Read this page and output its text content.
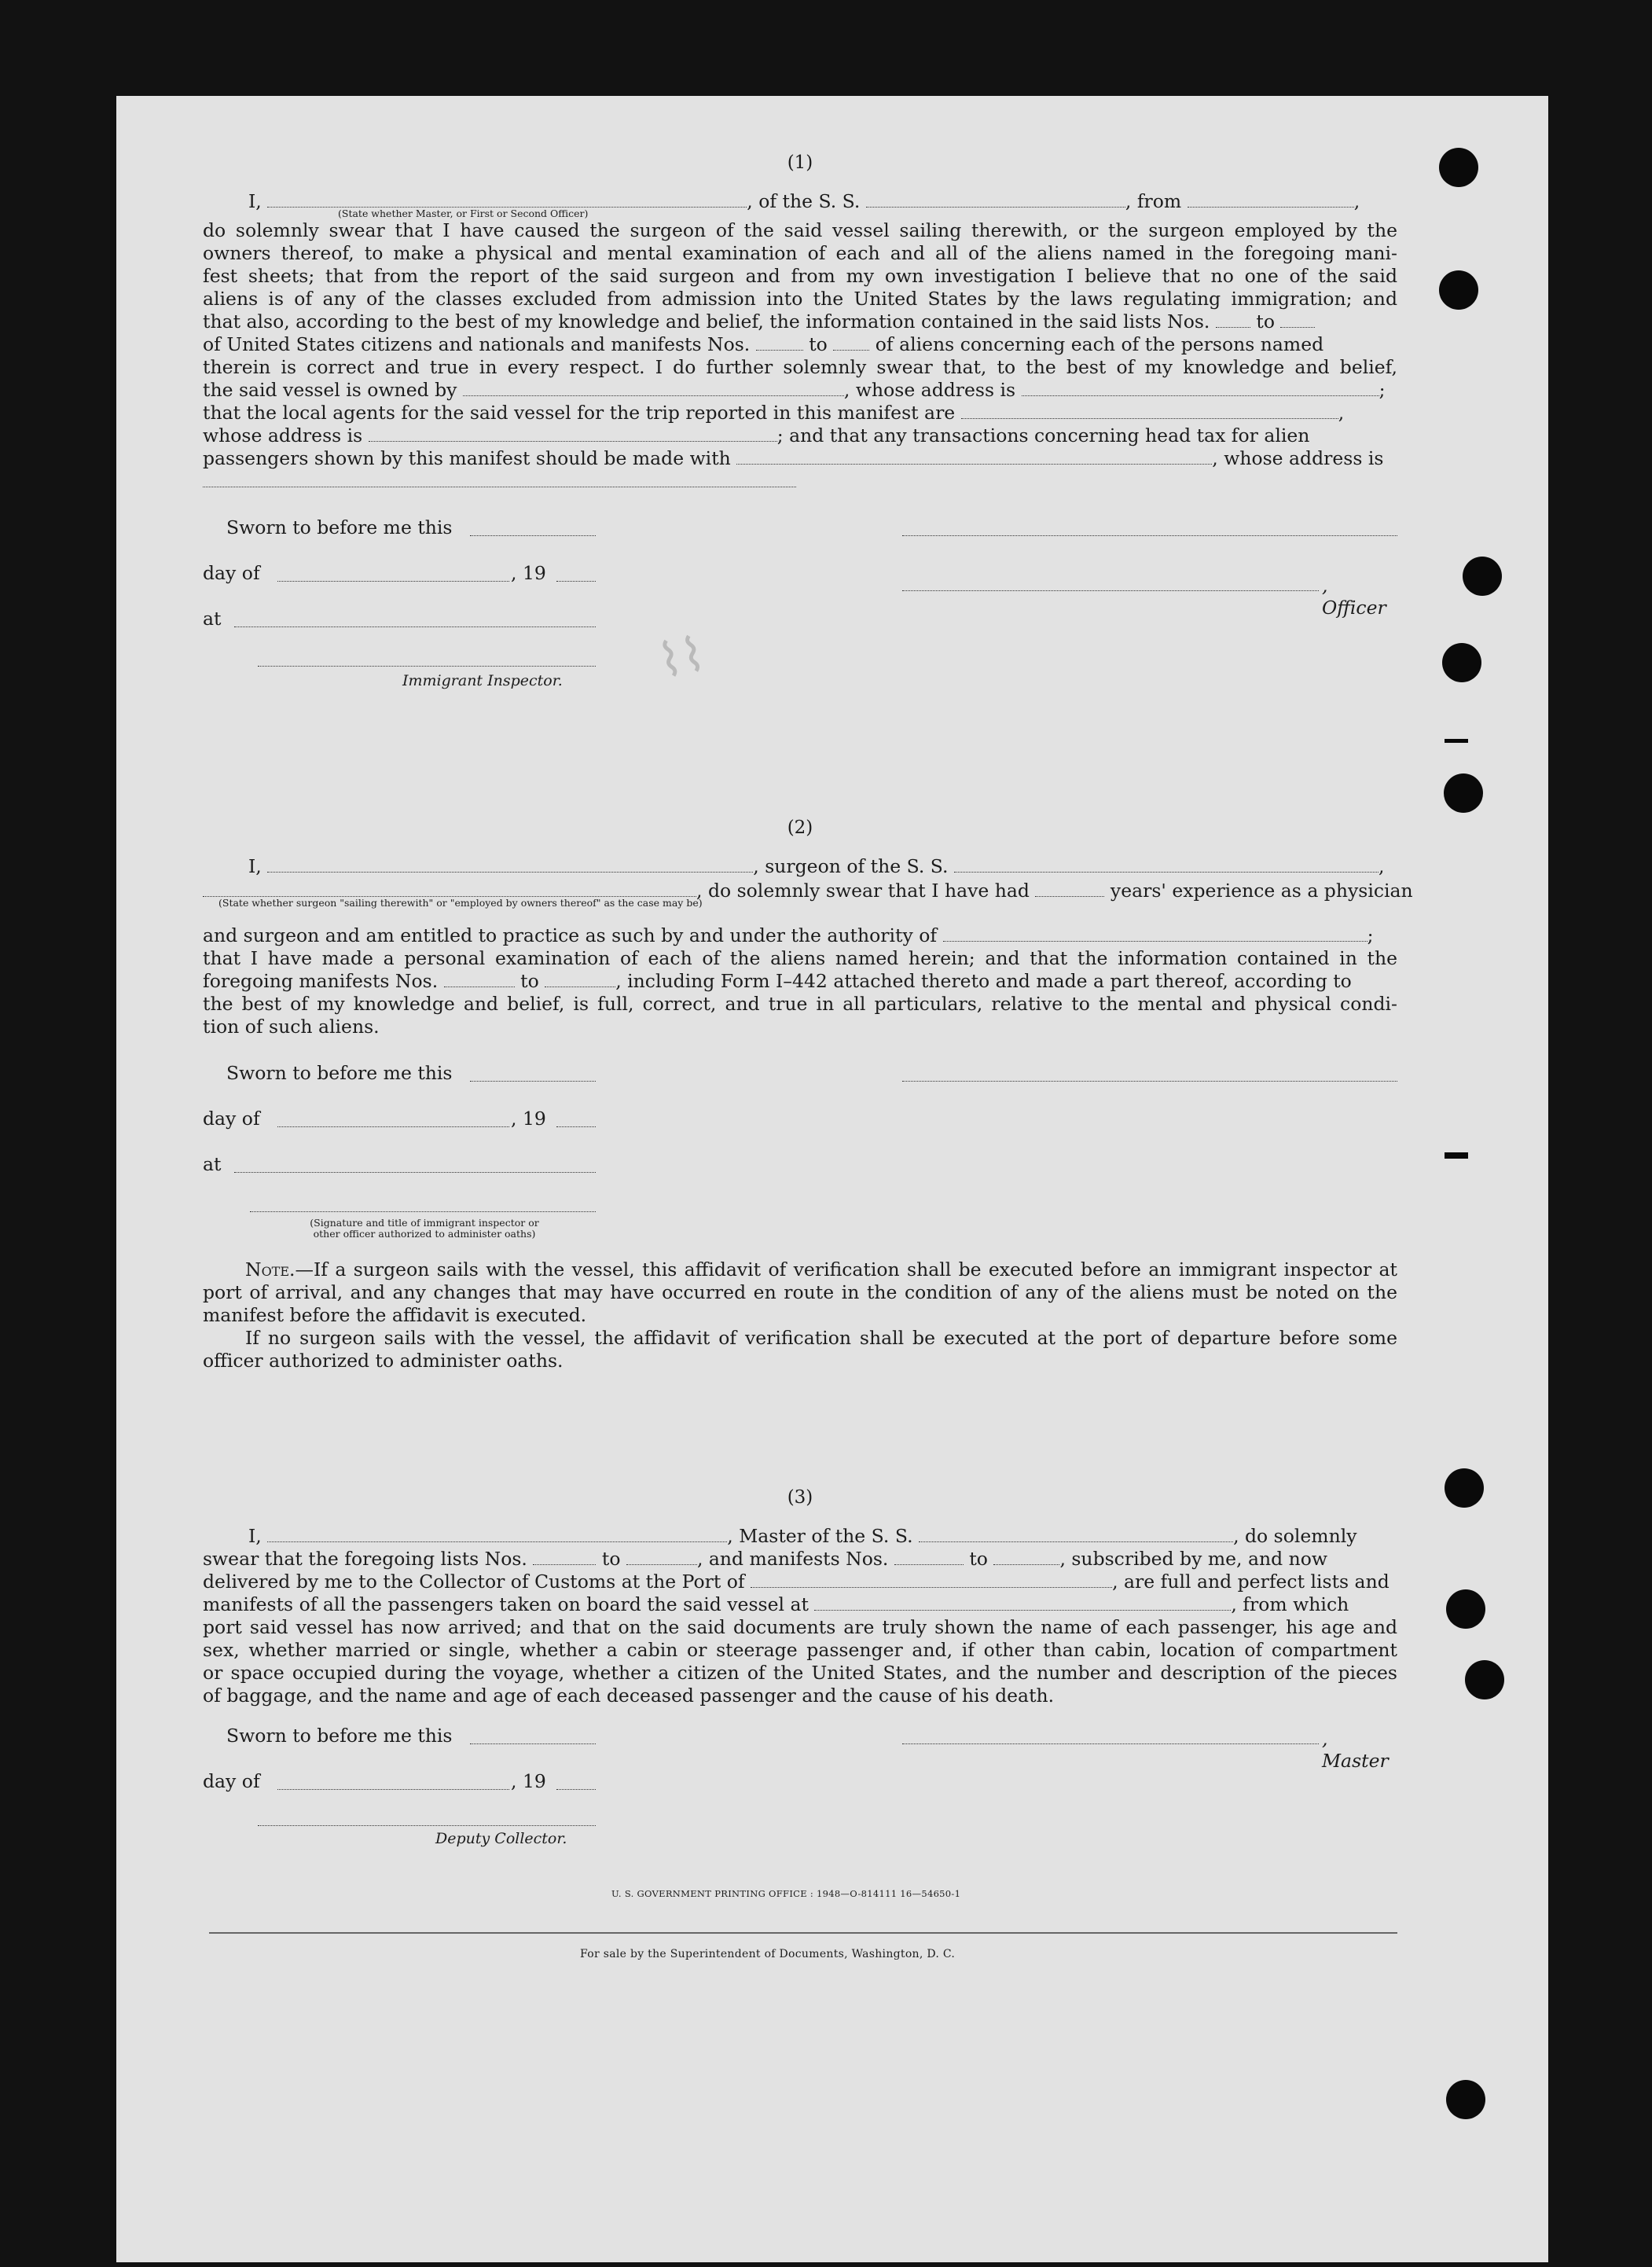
⌇⌇
(1)
I,	, of the S. S.	, from	,
(State whether Master, or First or Second Officer)
do solemnly swear that I have caused the surgeon of the said vessel sailing therewith, or the surgeon employed by the
owners thereof, to make a physical and mental examination of each and all of the aliens named in the foregoing mani-
fest sheets; that from the report of the said surgeon and from my own investigation I believe that no one of the said
aliens is of any of the classes excluded from admission into the United States by the laws regulating immigration; and
that also, according to the best of my knowledge and belief, the information contained in the said lists Nos.	to
of United States citizens and nationals and manifests Nos.	to	of aliens concerning each of the persons named
therein is correct and true in every respect. I do further solemnly swear that, to the best of my knowledge and belief,
the said vessel is owned by	, whose address is	;
that the local agents for the said vessel for the trip reported in this manifest are	,
whose address is	; and that any transactions concerning head tax for alien
passengers shown by this manifest should be made with	, whose address is
Sworn to before me this
day of	, 19
, Officer
at
Immigrant Inspector.
(2)
I,	, surgeon of the S. S.	,
, do solemnly swear that I have had	years' experience as a physician
(State whether surgeon "sailing therewith" or "employed by owners thereof" as the case may be)
and surgeon and am entitled to practice as such by and under the authority of	;
that I have made a personal examination of each of the aliens named herein; and that the information contained in the
foregoing manifests Nos.	to	, including Form I–442 attached thereto and made a part thereof, according to
the best of my knowledge and belief, is full, correct, and true in all particulars, relative to the mental and physical condi-
tion of such aliens.
Sworn to before me this
day of	, 19
at
(Signature and title of immigrant inspector or
other officer authorized to administer oaths)

Note.—If a surgeon sails with the vessel, this affidavit of verification shall be executed before an immigrant inspector at port of arrival, and any changes that may have occurred en route in the condition of any of the aliens must be noted on the manifest before the affidavit is executed.

If no surgeon sails with the vessel, the affidavit of verification shall be executed at the port of departure before some officer authorized to administer oaths.

(3)
I,	, Master of the S. S.	, do solemnly
swear that the foregoing lists Nos.	to	, and manifests Nos.	to	, subscribed by me, and now
delivered by me to the Collector of Customs at the Port of	, are full and perfect lists and
manifests of all the passengers taken on board the said vessel at	, from which
port said vessel has now arrived; and that on the said documents are truly shown the name of each passenger, his age and
sex, whether married or single, whether a cabin or steerage passenger and, if other than cabin, location of compartment
or space occupied during the voyage, whether a citizen of the United States, and the number and description of the pieces
of baggage, and the name and age of each deceased passenger and the cause of his death.
Sworn to before me this	, Master
day of	, 19
Deputy Collector.
U. S. GOVERNMENT PRINTING OFFICE : 1948—O-814111 16—54650-1
For sale by the Superintendent of Documents, Washington, D. C.
